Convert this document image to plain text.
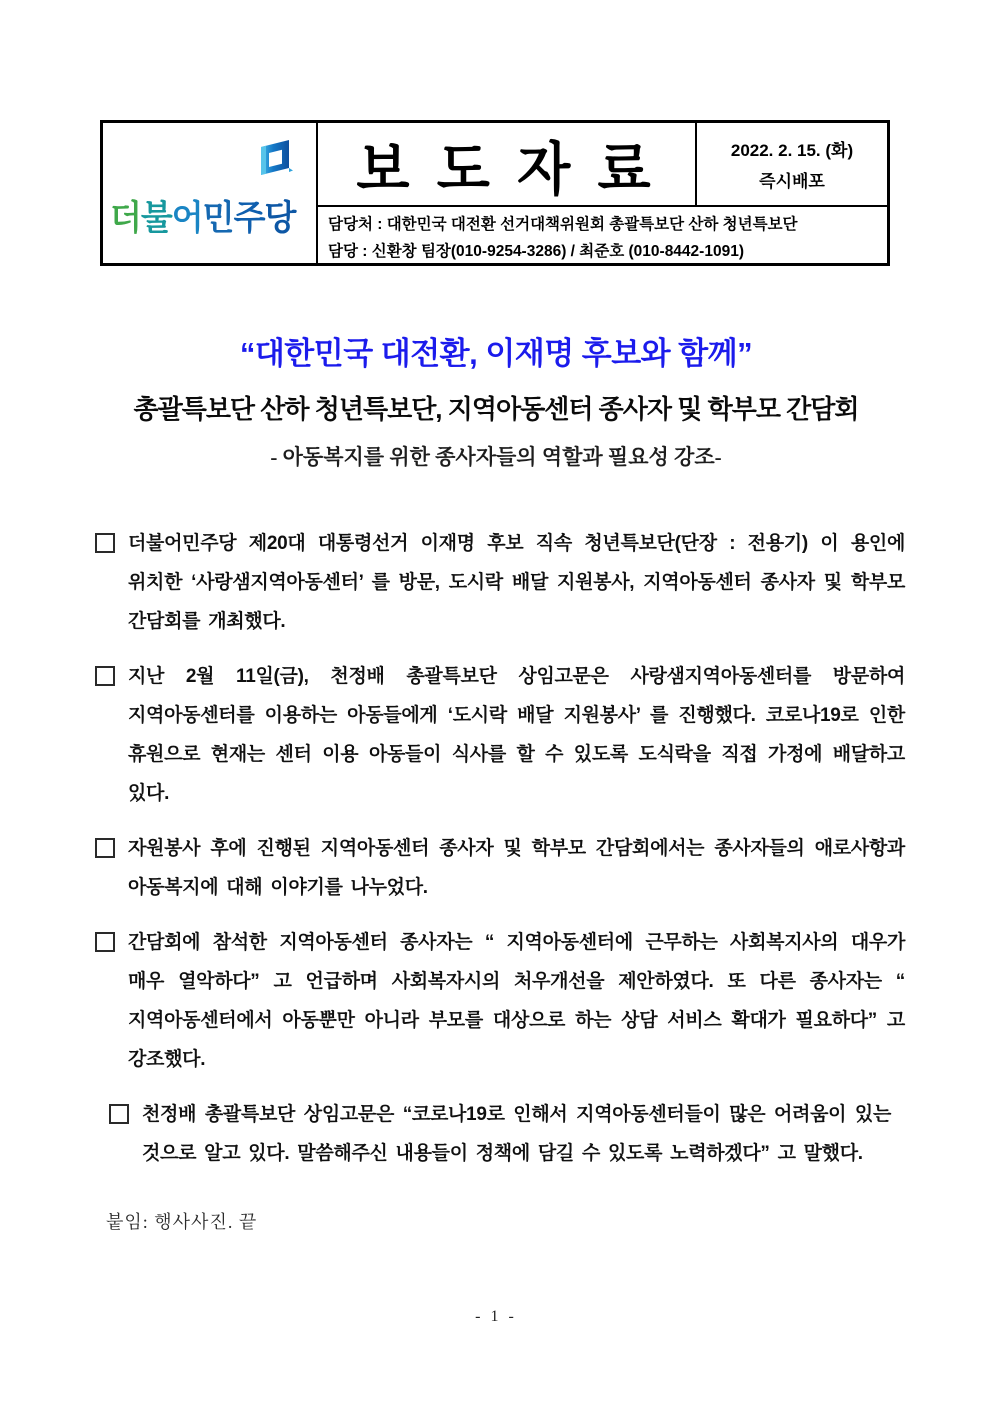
더불어민주당
보 도 자 료	2022. 2. 15. (화)
즉시배포
담당처 : 대한민국 대전환 선거대책위원회 총괄특보단 산하 청년특보단
담당 : 신환창 팀장(010-9254-3286) / 최준호 (010-8442-1091)
“대한민국 대전환, 이재명 후보와 함께”
총괄특보단 산하 청년특보단, 지역아동센터 종사자 및 학부모 간담회
- 아동복지를 위한 종사자들의 역할과 필요성 강조-
더불어민주당 제20대 대통령선거 이재명 후보 직속 청년특보단(단장 : 전용기) 이 용인에 위치한 ‘사랑샘지역아동센터’ 를 방문, 도시락 배달 지원봉사, 지역아동센터 종사자 및 학부모 간담회를 개최했다.
지난 2월 11일(금), 천정배 총괄특보단 상임고문은 사랑샘지역아동센터를 방문하여 지역아동센터를 이용하는 아동들에게 ‘도시락 배달 지원봉사’ 를 진행했다. 코로나19로 인한 휴원으로 현재는 센터 이용 아동들이 식사를 할 수 있도록 도식락을 직접 가정에 배달하고 있다.
자원봉사 후에 진행된 지역아동센터 종사자 및 학부모 간담회에서는 종사자들의 애로사항과 아동복지에 대해 이야기를 나누었다.
간담회에 참석한 지역아동센터 종사자는 “ 지역아동센터에 근무하는 사회복지사의 대우가 매우 열악하다” 고 언급하며 사회복자시의 처우개선을 제안하였다. 또 다른 종사자는 “ 지역아동센터에서 아동뿐만 아니라 부모를 대상으로 하는 상담 서비스 확대가 필요하다” 고 강조했다.
천정배 총괄특보단 상임고문은 “코로나19로 인해서 지역아동센터들이 많은 어려움이 있는 것으로 알고 있다. 말씀해주신 내용들이 정책에 담길 수 있도록 노력하겠다” 고 말했다.
붙임: 행사사진. 끝
- 1 -
